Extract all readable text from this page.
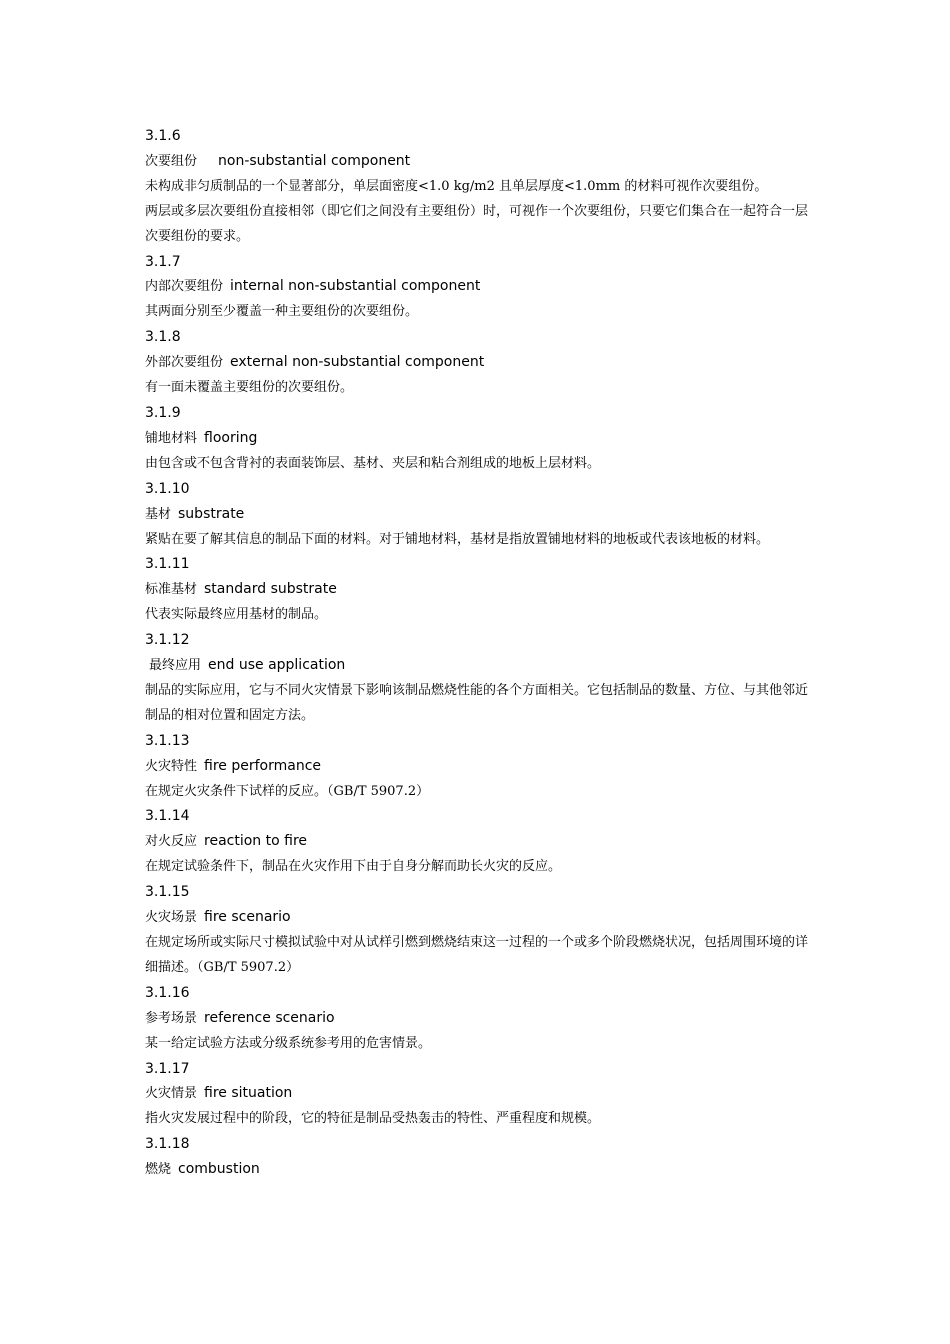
3.1.6
次要组份 non-substantial component
未构成非匀质制品的一个显著部分，单层面密度<1.0 kg/m2 且单层厚度<1.0mm 的材料可视作次要组份。
两层或多层次要组份直接相邻（即它们之间没有主要组份）时，可视作一个次要组份，只要它们集合在一起符合一层次要组份的要求。
3.1.7
内部次要组份 internal non-substantial component
其两面分别至少覆盖一种主要组份的次要组份。
3.1.8
外部次要组份 external non-substantial component
有一面未覆盖主要组份的次要组份。
3.1.9
铺地材料 flooring
由包含或不包含背衬的表面装饰层、基材、夹层和粘合剂组成的地板上层材料。
3.1.10
基材 substrate
紧贴在要了解其信息的制品下面的材料。对于铺地材料，基材是指放置铺地材料的地板或代表该地板的材料。
3.1.11
标准基材 standard substrate
代表实际最终应用基材的制品。
3.1.12
最终应用 end use application
制品的实际应用，它与不同火灾情景下影响该制品燃烧性能的各个方面相关。它包括制品的数量、方位、与其他邻近制品的相对位置和固定方法。
3.1.13
火灾特性 fire performance
在规定火灾条件下试样的反应。（GB/T 5907.2）
3.1.14
对火反应 reaction to fire
在规定试验条件下，制品在火灾作用下由于自身分解而助长火灾的反应。
3.1.15
火灾场景 fire scenario
在规定场所或实际尺寸模拟试验中对从试样引燃到燃烧结束这一过程的一个或多个阶段燃烧状况，包括周围环境的详细描述。（GB/T 5907.2）
3.1.16
参考场景 reference scenario
某一给定试验方法或分级系统参考用的危害情景。
3.1.17
火灾情景 fire situation
指火灾发展过程中的阶段，它的特征是制品受热轰击的特性、严重程度和规模。
3.1.18
燃烧 combustion
